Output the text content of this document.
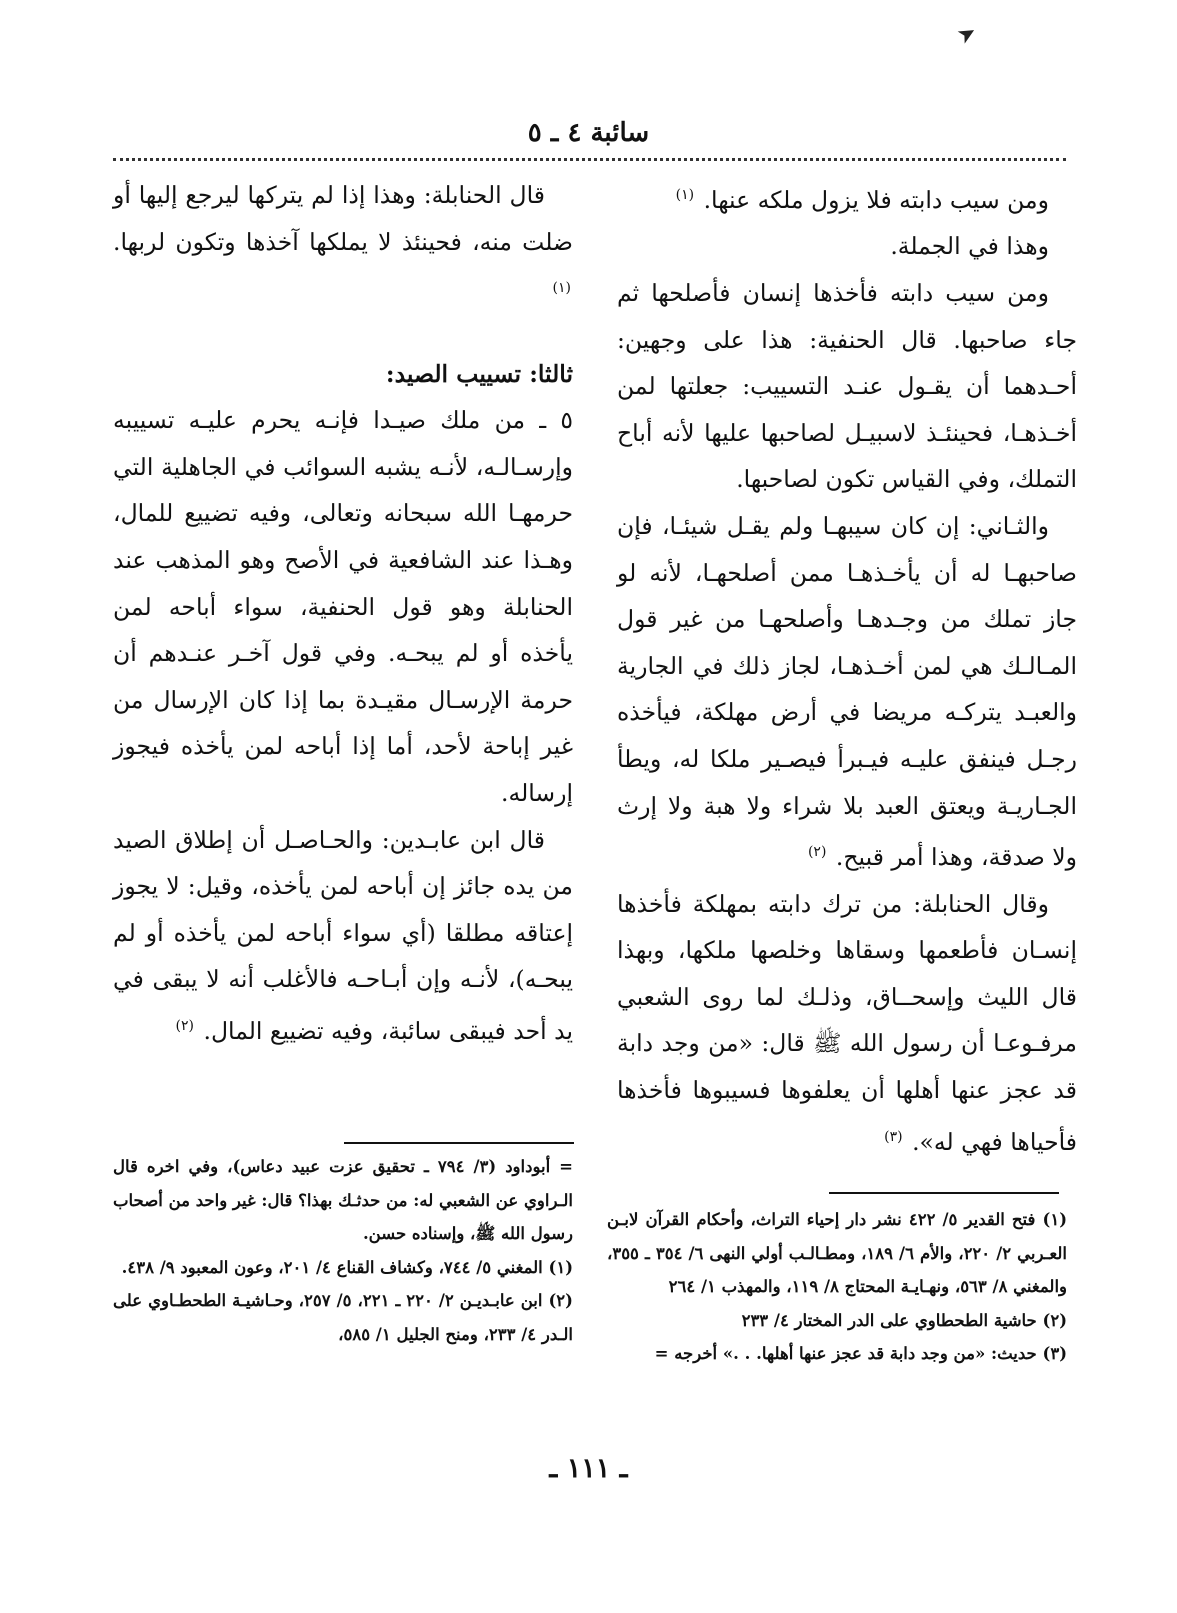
➤
سائبة ٤ ـ ٥

ومن سيب دابته فلا يزول ملكه عنها. $^{(١)}$

وهذا في الجملة.

ومن سيب دابته فأخذها إنسان فأصلحها ثم جاء صاحبها. قال الحنفية: هذا على وجهين: أحـدهما أن يقـول عنـد التسييب: جعلتها لمن أخـذهـا، فحينئـذ لاسبيـل لصاحبها عليها لأنه أباح التملك، وفي القياس تكون لصاحبها.

والثـاني: إن كان سيبهـا ولم يقـل شيئـا، فإن صاحبهـا له أن يأخـذهـا ممن أصلحهـا، لأنه لو جاز تملك من وجـدهـا وأصلحهـا من غير قول المـالـك هي لمن أخـذهـا، لجاز ذلك في الجارية والعبـد يتركـه مريضا في أرض مهلكة، فيأخذه رجـل فينفق عليـه فيـبرأ فيصـير ملكا له، ويطأ الجـاريـة ويعتق العبد بلا شراء ولا هبة ولا إرث ولا صدقة، وهذا أمر قبيح. $^{(٢)}$

وقال الحنابلة: من ترك دابته بمهلكة فأخذها إنسـان فأطعمها وسقاها وخلصها ملكها، وبهذا قال الليث وإسحــاق، وذلـك لما روى الشعبي مرفـوعـا أن رسول الله ﷺ قال: «من وجد دابة قد عجز عنها أهلها أن يعلفوها فسيبوها فأخذها فأحياها فهي له». $^{(٣)}$

قال الحنابلة: وهذا إذا لم يتركها ليرجع إليها أو ضلت منه، فحينئذ لا يملكها آخذها وتكون لربها. $^{(١)}$

ثالثا: تسييب الصيد:

٥ ـ من ملك صيـدا فإنـه يحرم عليـه تسييبه وإرسـالـه، لأنـه يشبه السوائب في الجاهلية التي حرمهـا الله سبحانه وتعالى، وفيه تضييع للمال، وهـذا عند الشافعية في الأصح وهو المذهب عند الحنابلة وهو قول الحنفية، سواء أباحه لمن يأخذه أو لم يبحـه. وفي قول آخـر عنـدهم أن حرمة الإرسـال مقيـدة بما إذا كان الإرسال من غير إباحة لأحد، أما إذا أباحه لمن يأخذه فيجوز إرساله.

قال ابن عابـدين: والحـاصـل أن إطلاق الصيد من يده جائز إن أباحه لمن يأخذه، وقيل: لا يجوز إعتاقه مطلقا (أي سواء أباحه لمن يأخذه أو لم يبحـه)، لأنـه وإن أبـاحـه فالأغلب أنه لا يبقى في يد أحد فيبقى سائبة، وفيه تضييع المال. $^{(٢)}$

(١) فتح القدير ٥/ ٤٢٢ نشر دار إحياء التراث، وأحكام القرآن لابـن العـربي ٢/ ٢٢٠، والأم ٦/ ١٨٩، ومطـالـب أولي النهى ٦/ ٣٥٤ ـ ٣٥٥، والمغني ٨/ ٥٦٣، ونهـايـة المحتاج ٨/ ١١٩، والمهذب ١/ ٢٦٤

(٢) حاشية الطحطاوي على الدر المختار ٤/ ٢٣٣

(٣) حديث: «من وجد دابة قد عجز عنها أهلها. . .» أخرجه =

= أبوداود (٣/ ٧٩٤ ـ تحقيق عزت عبيد دعاس)، وفي اخره قال الـراوي عن الشعبي له: من حدثـك بهذا؟ قال: غير واحد من أصحاب رسول الله ﷺ، وإسناده حسن.

(١) المغني ٥/ ٧٤٤، وكشاف القناع ٤/ ٢٠١، وعون المعبود ٩/ ٤٣٨.

(٢) ابن عابـديـن ٢/ ٢٢٠ ـ ٢٢١، ٥/ ٢٥٧، وحـاشيـة الطحطـاوي على الـدر ٤/ ٢٣٣، ومنح الجليل ١/ ٥٨٥،

ـ ١١١ ـ
